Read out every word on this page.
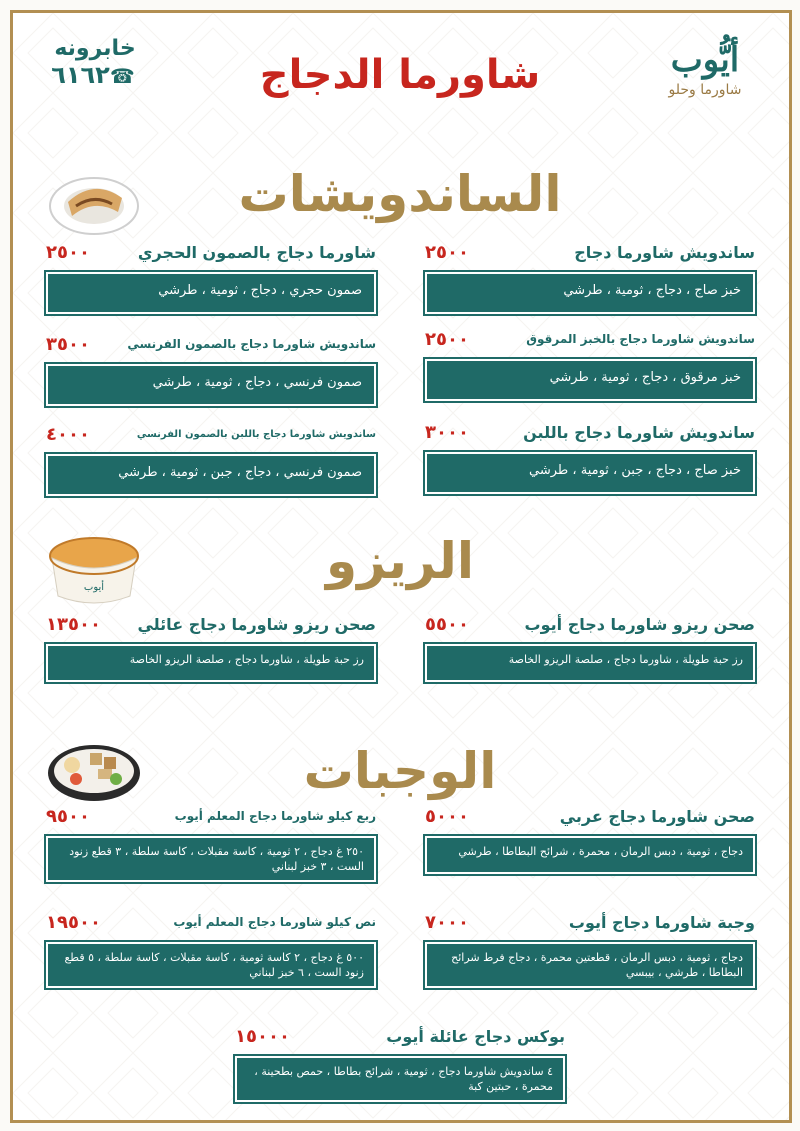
أيُّوب
شاورما وحلو
شاورما الدجاج
خابرونه
☎٦١٦٢
الساندويشات
ساندويش شاورما دجاج
٢٥٠٠
خبز صاج ، دجاج ، ثومية ، طرشي
شاورما دجاج بالصمون الحجري
٢٥٠٠
صمون حجري ، دجاج ، ثومية ، طرشي
ساندويش شاورما دجاج بالخبز المرقوق
٢٥٠٠
خبز مرقوق ، دجاج ، ثومية ، طرشي
ساندويش شاورما دجاج بالصمون الفرنسي
٣٥٠٠
صمون فرنسي ، دجاج ، ثومية ، طرشي
ساندويش شاورما دجاج باللبن
٣٠٠٠
خبز صاج ، دجاج ، جبن ، ثومية ، طرشي
ساندويش شاورما دجاج باللبن بالصمون الفرنسي
٤٠٠٠
صمون فرنسي ، دجاج ، جبن ، ثومية ، طرشي
الريزو
أيوب
صحن ريزو شاورما دجاج أيوب
٥٥٠٠
رز حبة طويلة ، شاورما دجاج ، صلصة الريزو الخاصة
صحن ريزو شاورما دجاج عائلي
١٣٥٠٠
رز حبة طويلة ، شاورما دجاج ، صلصة الريزو الخاصة
الوجبات
صحن شاورما دجاج عربي
٥٠٠٠
دجاج ، ثومية ، دبس الرمان ، محمرة ، شرائح البطاطا ، طرشي
ربع كيلو شاورما دجاج المعلم أيوب
٩٥٠٠
٢٥٠ غ دجاج ، ٢ ثومية ، كاسة مقبلات ، كاسة سلطة ، ٣ قطع زنود الست ، ٣ خبز لبناني
وجبة شاورما دجاج أيوب
٧٠٠٠
دجاج ، ثومية ، دبس الرمان ، قطعتين محمرة ، دجاج فرط شرائح البطاطا ، طرشي ، بيبسي
نص كيلو شاورما دجاج المعلم أيوب
١٩٥٠٠
٥٠٠ غ دجاج ، ٢ كاسة ثومية ، كاسة مقبلات ، كاسة سلطة ، ٥ قطع زنود الست ، ٦ خبز لبناني
بوكس دجاج عائلة أيوب
١٥٠٠٠
٤ ساندويش شاورما دجاج ، ثومية ، شرائح بطاطا ، حمص بطحينة ، محمرة ، حبتين كبة
